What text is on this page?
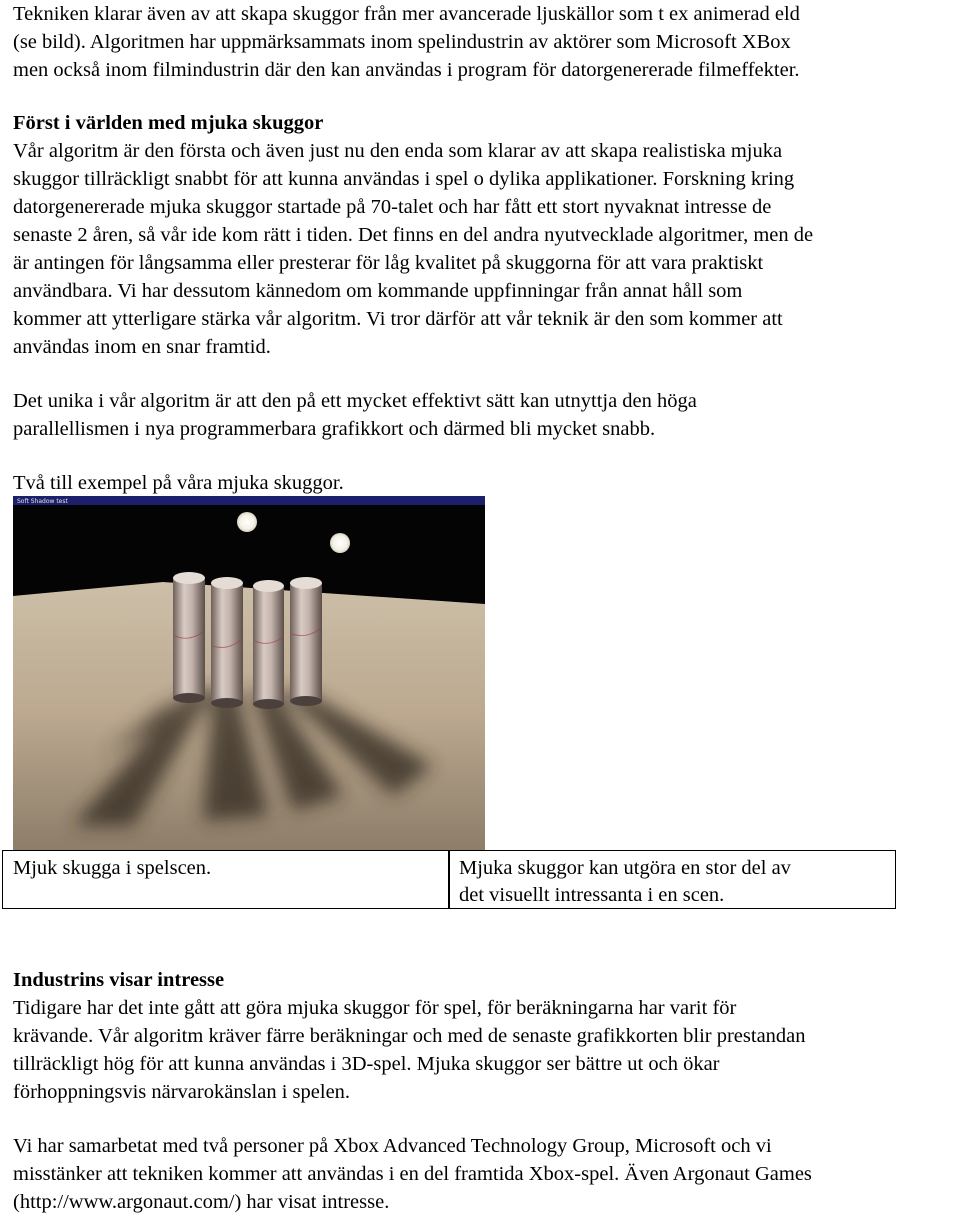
Tekniken klarar även av att skapa skuggor från mer avancerade ljuskällor som t ex animerad eld
(se bild). Algoritmen har uppmärksammats inom spelindustrin av aktörer som Microsoft XBox
men också inom filmindustrin där den kan användas i program för datorgenererade filmeffekter.
Först i världen med mjuka skuggor
Vår algoritm är den första och även just nu den enda som klarar av att skapa realistiska mjuka
skuggor tillräckligt snabbt för att kunna användas i spel o dylika applikationer. Forskning kring
datorgenererade mjuka skuggor startade på 70-talet och har fått ett stort nyvaknat intresse de
senaste 2 åren, så vår ide kom rätt i tiden. Det finns en del andra nyutvecklade algoritmer, men de
är antingen för långsamma eller presterar för låg kvalitet på skuggorna för att vara praktiskt
användbara. Vi har dessutom kännedom om kommande uppfinningar från annat håll som
kommer att ytterligare stärka vår algoritm. Vi tror därför att vår teknik är den som kommer att
användas inom en snar framtid.
Det unika i vår algoritm är att den på ett mycket effektivt sätt kan utnyttja den höga
parallellismen i nya programmerbara grafikkort och därmed bli mycket snabb.
Två till exempel på våra mjuka skuggor.
Soft Shadow test
Mjuk skugga i spelscen.	Mjuka skuggor kan utgöra en stor del av
det visuellt intressanta i en scen.
Industrins visar intresse
Tidigare har det inte gått att göra mjuka skuggor för spel, för beräkningarna har varit för
krävande. Vår algoritm kräver färre beräkningar och med de senaste grafikkorten blir prestandan
tillräckligt hög för att kunna användas i 3D-spel. Mjuka skuggor ser bättre ut och ökar
förhoppningsvis närvarokänslan i spelen.
Vi har samarbetat med två personer på Xbox Advanced Technology Group, Microsoft och vi
misstänker att tekniken kommer att användas i en del framtida Xbox-spel. Även Argonaut Games
(http://www.argonaut.com/) har visat intresse.
